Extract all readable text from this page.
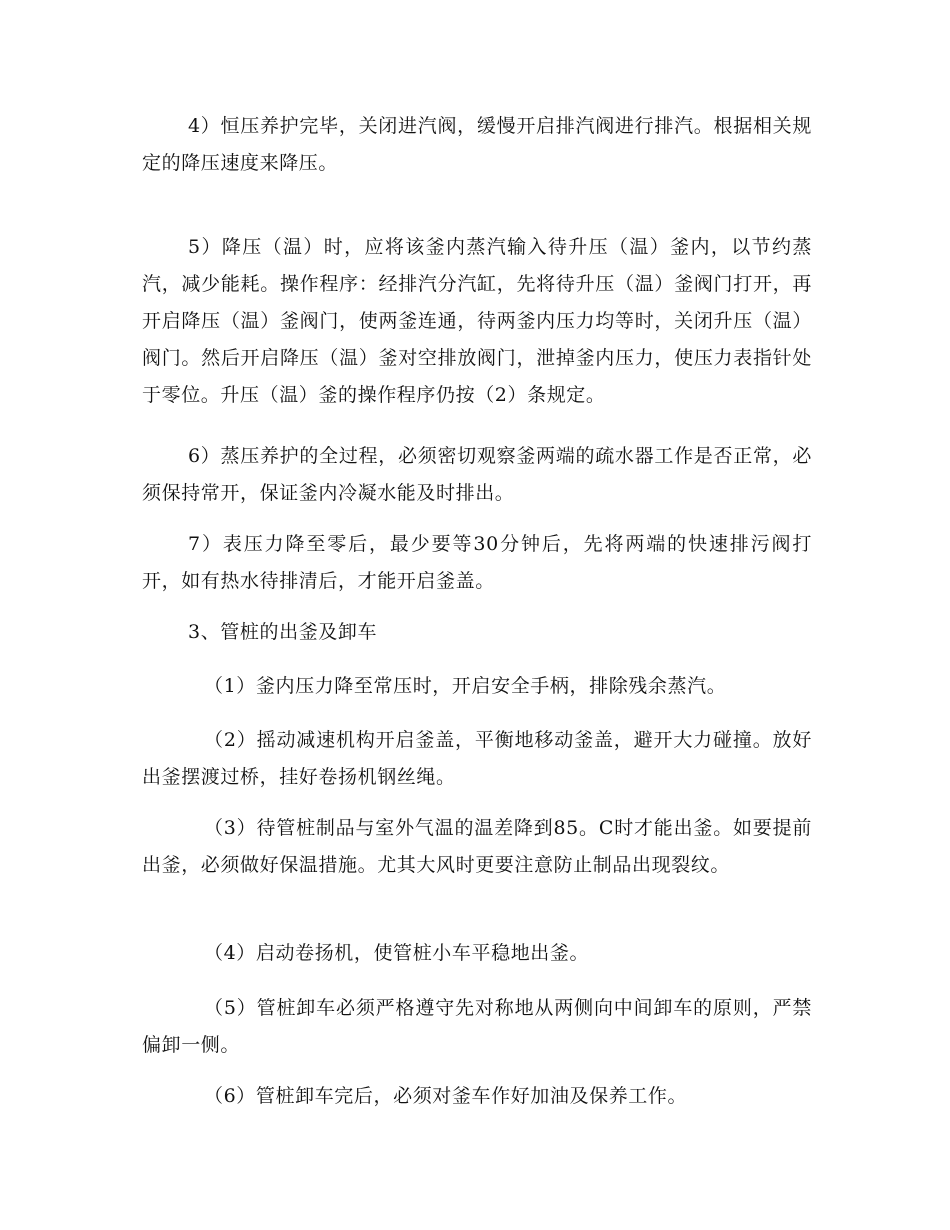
4）恒压养护完毕，关闭进汽阀，缓慢开启排汽阀进行排汽。根据相关规定的降压速度来降压。

5）降压（温）时，应将该釜内蒸汽输入待升压（温）釜内，以节约蒸汽，减少能耗。操作程序：经排汽分汽缸，先将待升压（温）釜阀门打开，再开启降压（温）釜阀门，使两釜连通，待两釜内压力均等时，关闭升压（温）阀门。然后开启降压（温）釜对空排放阀门，泄掉釜内压力，使压力表指针处于零位。升压（温）釜的操作程序仍按（2）条规定。

6）蒸压养护的全过程，必须密切观察釜两端的疏水器工作是否正常，必须保持常开，保证釜内冷凝水能及时排出。

7）表压力降至零后，最少要等30分钟后，先将两端的快速排污阀打开，如有热水待排清后，才能开启釜盖。

3、管桩的出釜及卸车

（1）釜内压力降至常压时，开启安全手柄，排除残余蒸汽。

（2）摇动减速机构开启釜盖，平衡地移动釜盖，避开大力碰撞。放好出釜摆渡过桥，挂好卷扬机钢丝绳。

（3）待管桩制品与室外气温的温差降到85。C时才能出釜。如要提前出釜，必须做好保温措施。尤其大风时更要注意防止制品出现裂纹。

（4）启动卷扬机，使管桩小车平稳地出釜。

（5）管桩卸车必须严格遵守先对称地从两侧向中间卸车的原则，严禁偏卸一侧。

（6）管桩卸车完后，必须对釜车作好加油及保养工作。
